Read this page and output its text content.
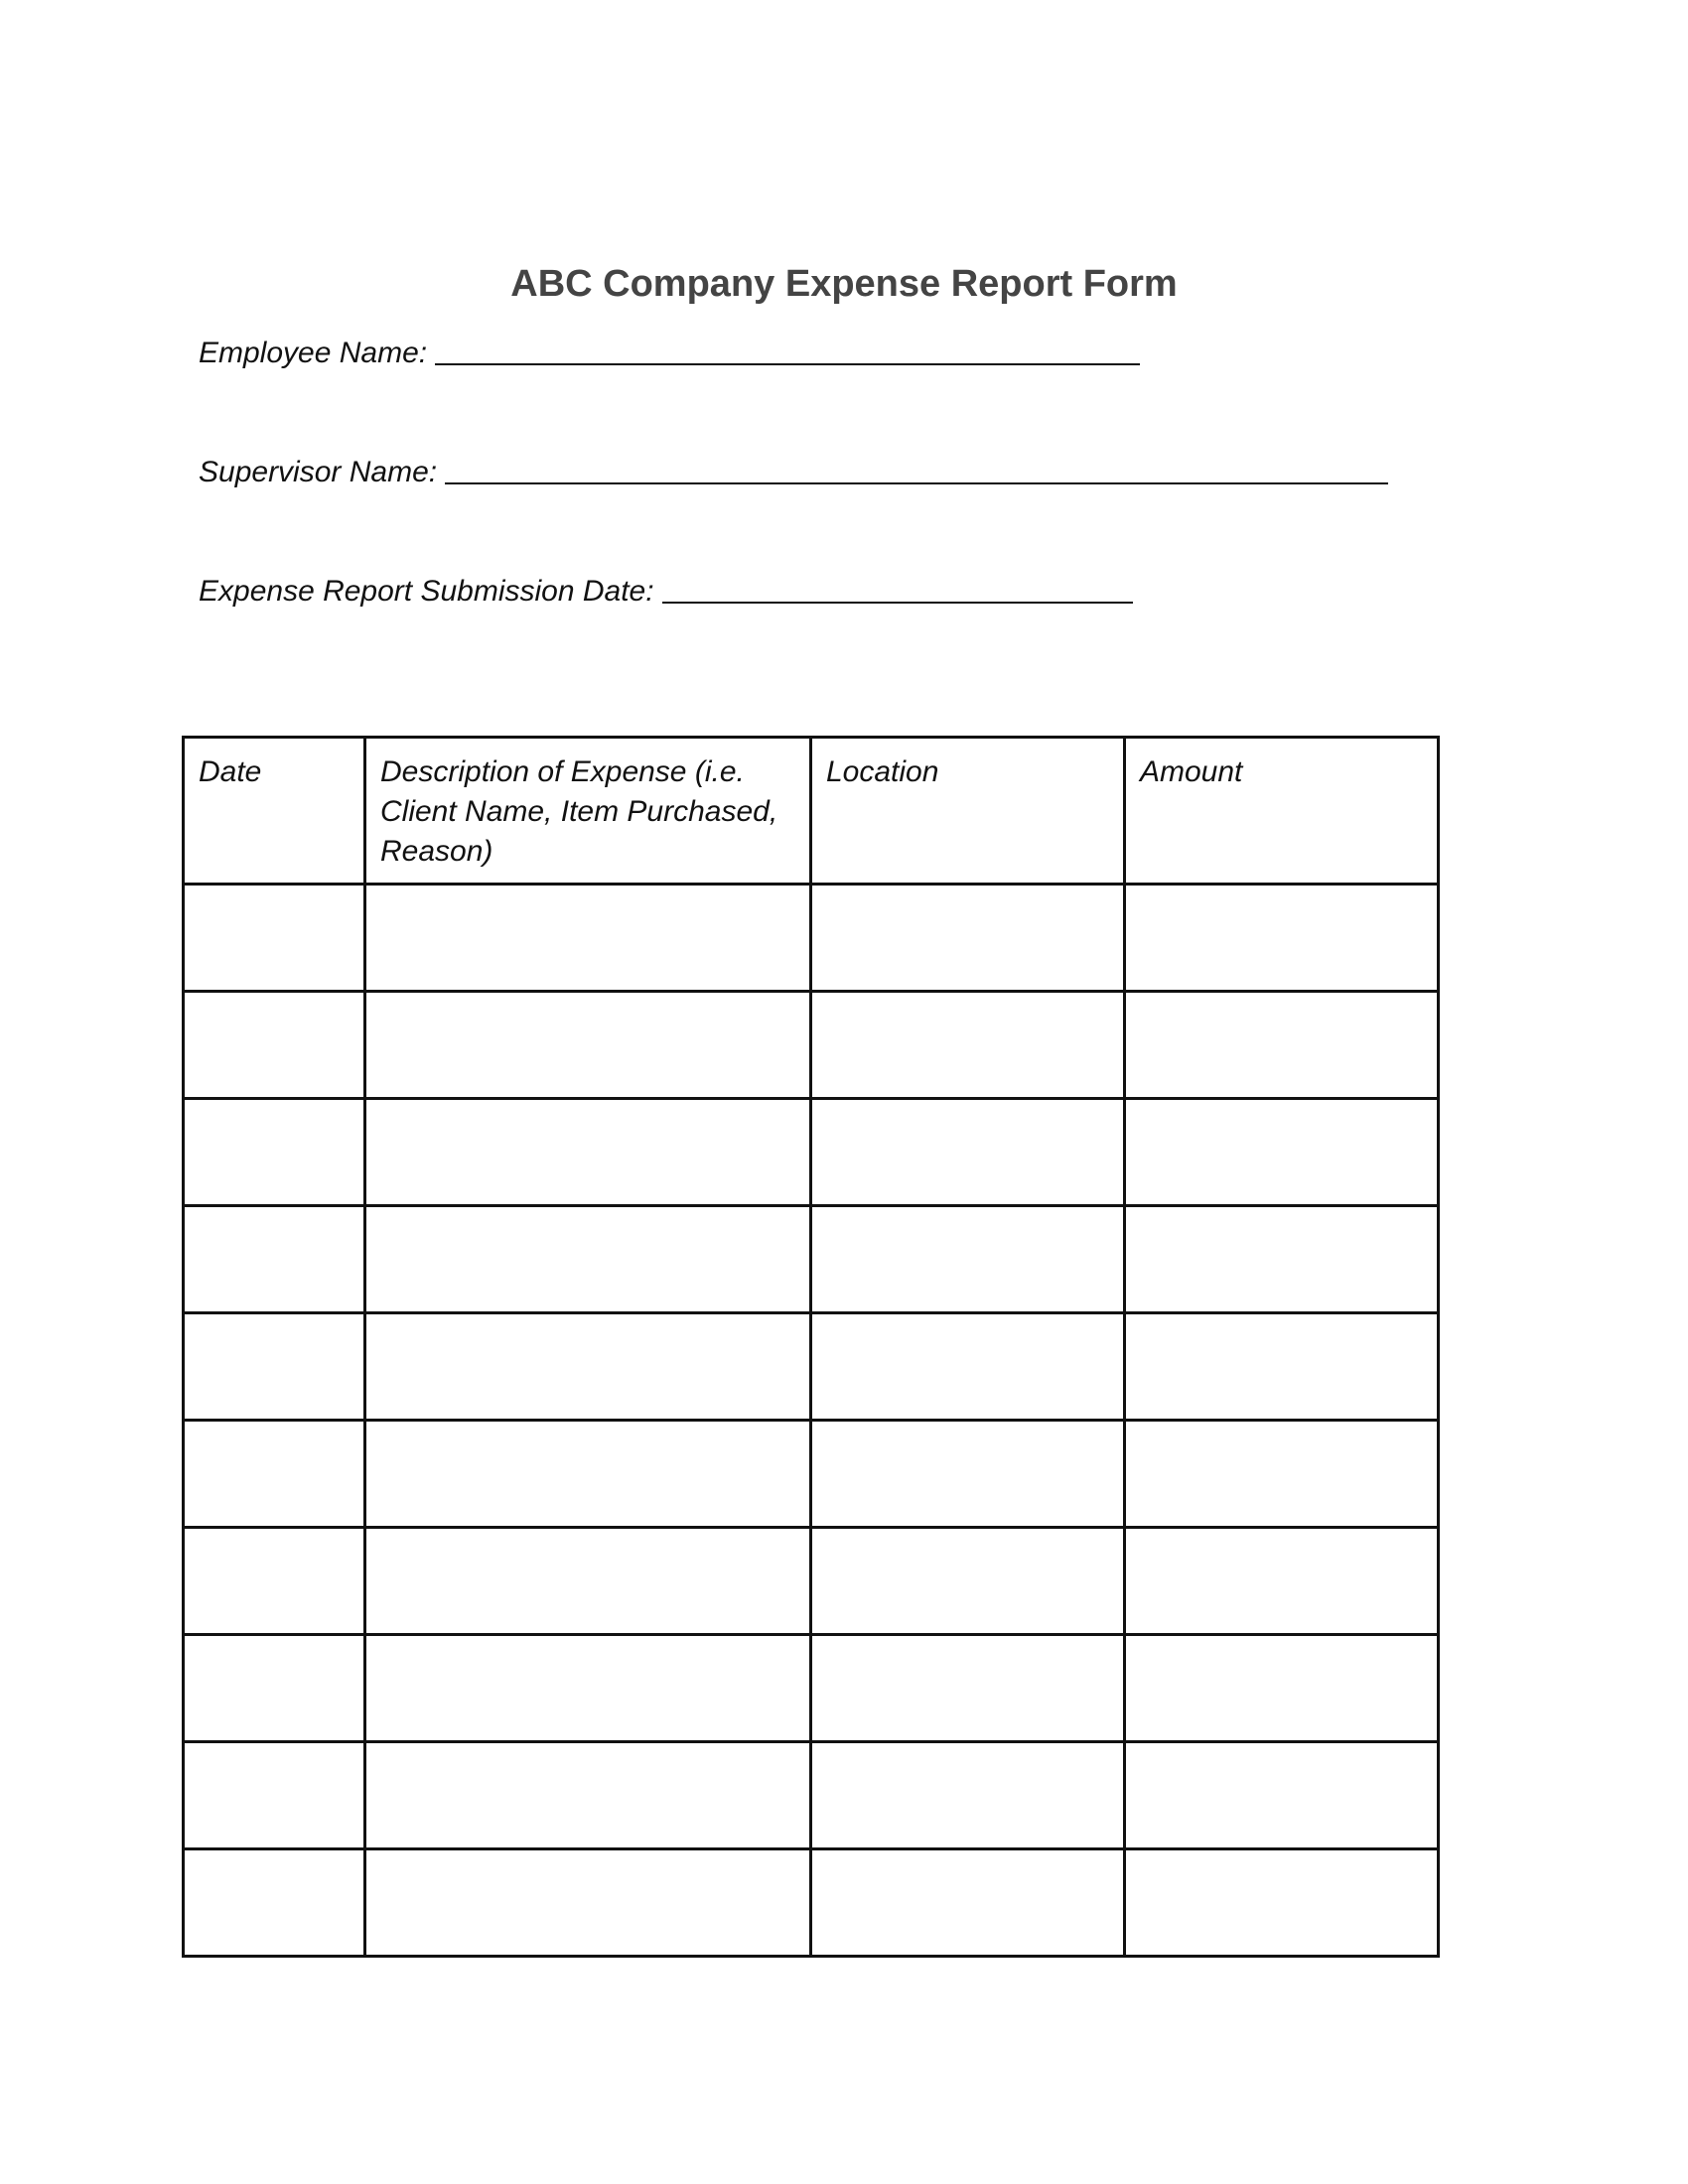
ABC Company Expense Report Form
Employee Name:
Supervisor Name:
Expense Report Submission Date:
Date	Description of Expense (i.e. Client Name, Item Purchased, Reason)	Location	Amount
